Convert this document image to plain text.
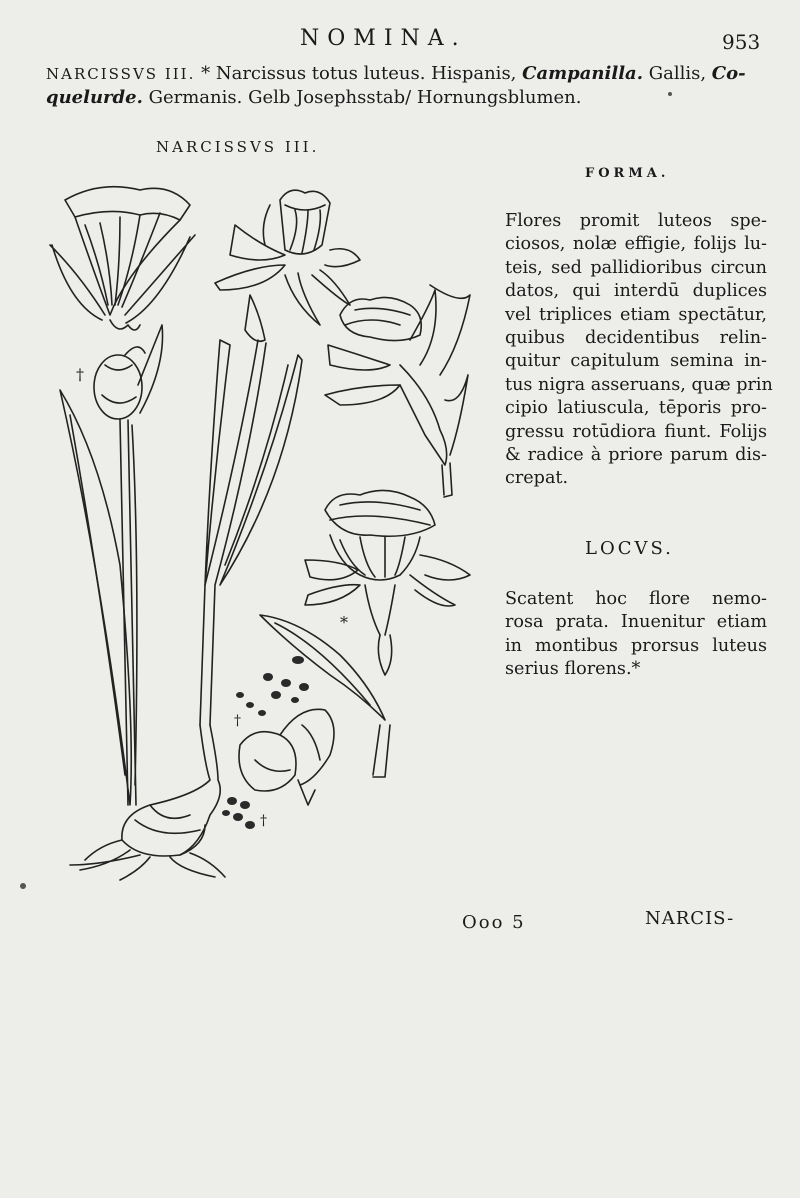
NOMINA.	953
NARCISSVS III. * Narcissus totus luteus. Hispanis, Campanilla. Gallis, Co-
quelurde. Germanis. Gelb Josephsstab/ Hornungsblumen.
NARCISSVS III.
†
*
†
†
FORMA.
Flores promit luteos spe-
ciosos, nolæ effigie, folijs lu-
teis, sed pallidioribus circun
datos, qui interdū duplices
vel triplices etiam spectātur,
quibus decidentibus relin-
quitur capitulum semina in-
tus nigra asseruans, quæ prin
cipio latiuscula, tēporis pro-
gressu rotūdiora fiunt. Folijs
& radice à priore parum dis-
crepat.
LOCVS.
Scatent hoc flore nemo-
rosa prata. Inuenitur etiam
in montibus prorsus luteus
serius florens.*
Ooo 5	NARCIS-
